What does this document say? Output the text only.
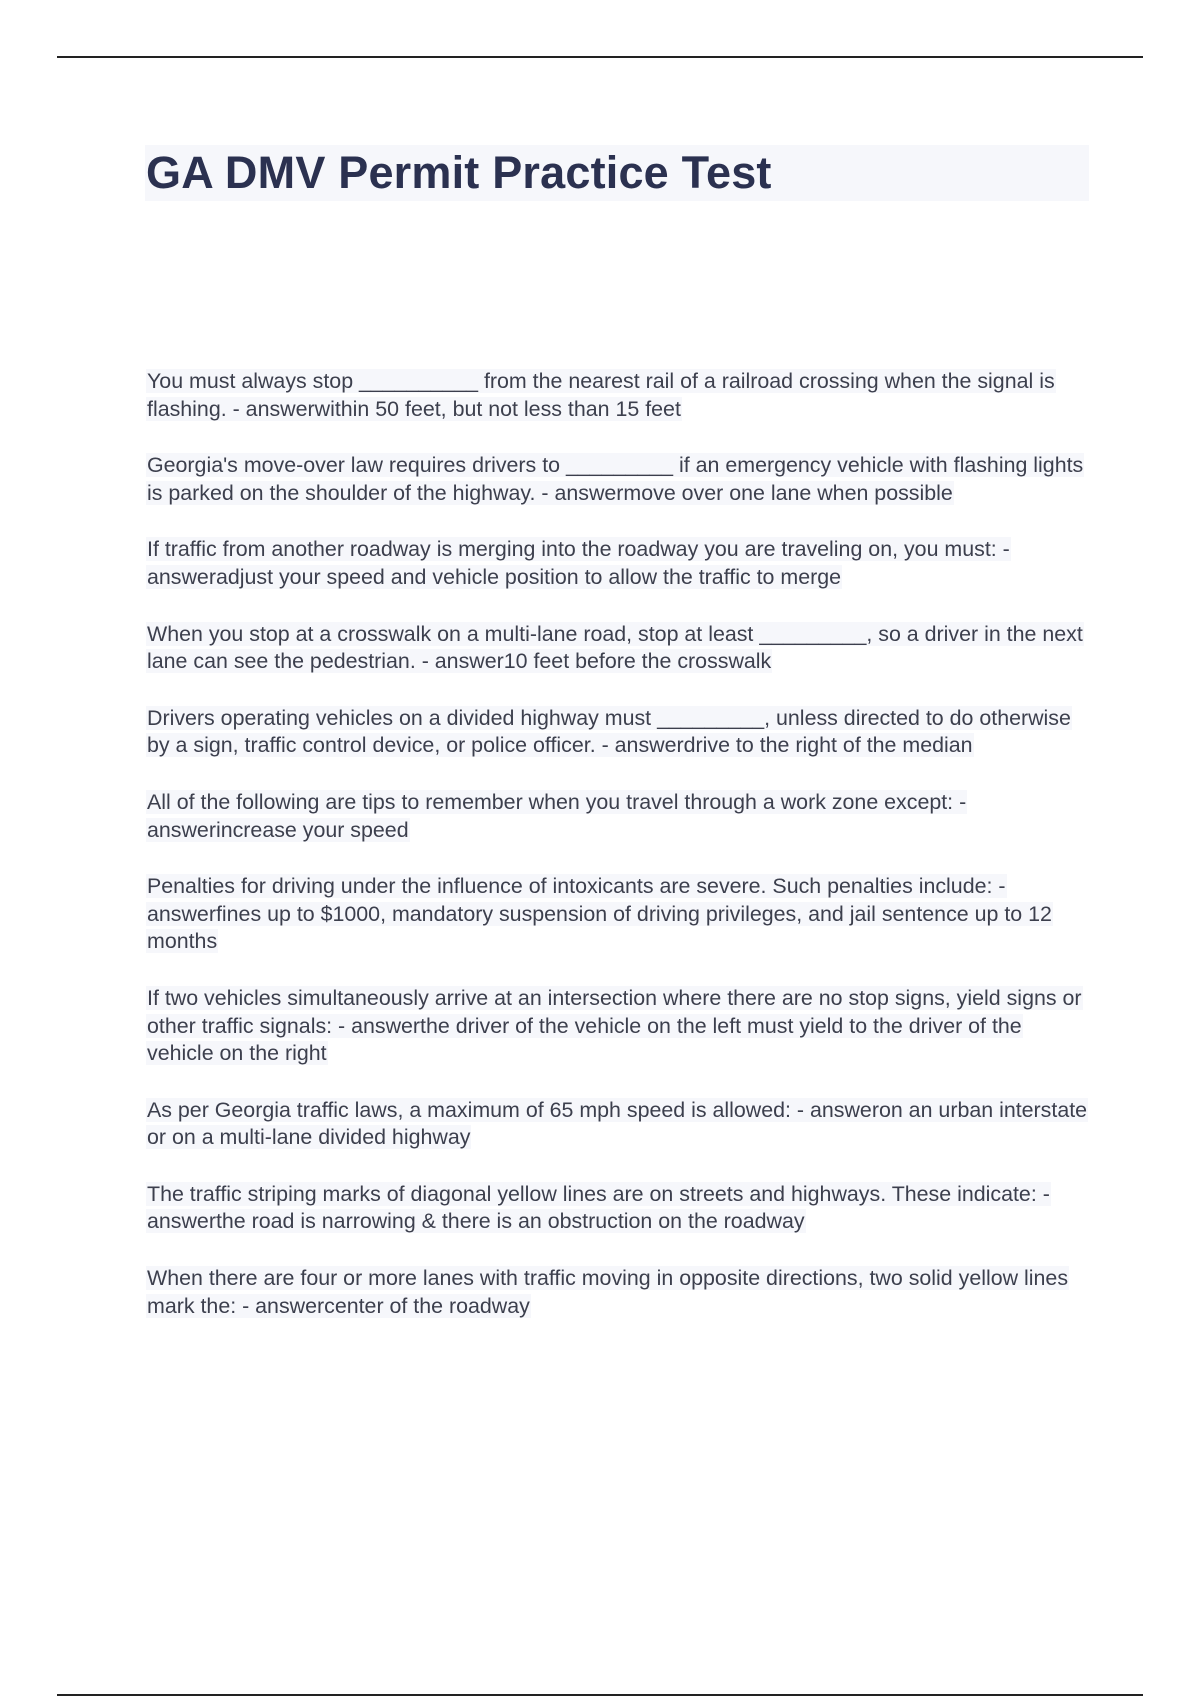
GA DMV Permit Practice Test
You must always stop __________ from the nearest rail of a railroad crossing when the signal is flashing. - answerwithin 50 feet, but not less than 15 feet
Georgia's move-over law requires drivers to _________ if an emergency vehicle with flashing lights is parked on the shoulder of the highway. - answermove over one lane when possible
If traffic from another roadway is merging into the roadway you are traveling on, you must: - answeradjust your speed and vehicle position to allow the traffic to merge
When you stop at a crosswalk on a multi-lane road, stop at least _________, so a driver in the next lane can see the pedestrian. - answer10 feet before the crosswalk
Drivers operating vehicles on a divided highway must _________, unless directed to do otherwise by a sign, traffic control device, or police officer. - answerdrive to the right of the median
All of the following are tips to remember when you travel through a work zone except: - answerincrease your speed
Penalties for driving under the influence of intoxicants are severe. Such penalties include: - answerfines up to $1000, mandatory suspension of driving privileges, and jail sentence up to 12 months
If two vehicles simultaneously arrive at an intersection where there are no stop signs, yield signs or other traffic signals: - answerthe driver of the vehicle on the left must yield to the driver of the vehicle on the right
As per Georgia traffic laws, a maximum of 65 mph speed is allowed: - answeron an urban interstate or on a multi-lane divided highway
The traffic striping marks of diagonal yellow lines are on streets and highways. These indicate: - answerthe road is narrowing & there is an obstruction on the roadway
When there are four or more lanes with traffic moving in opposite directions, two solid yellow lines mark the: - answercenter of the roadway
